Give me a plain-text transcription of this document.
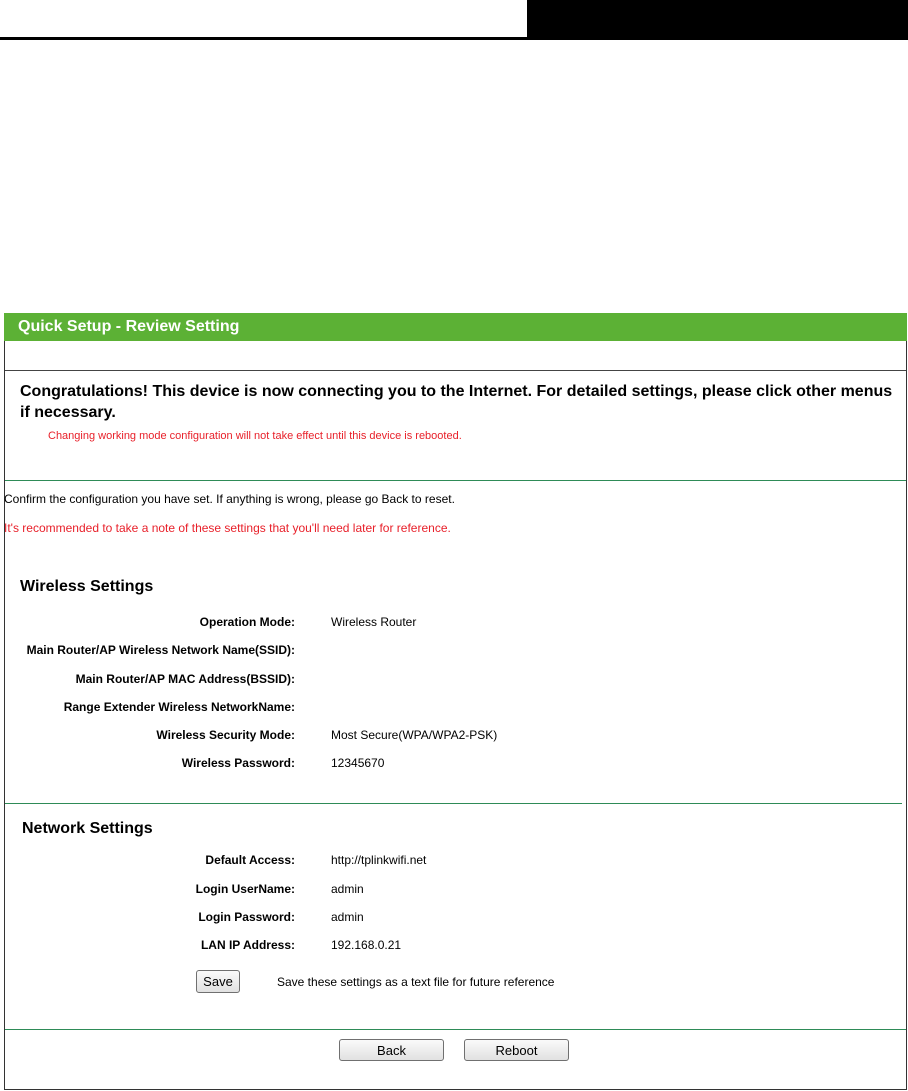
Quick Setup - Review Setting
Congratulations! This device is now connecting you to the Internet. For detailed settings, please click other menus if necessary.
Changing working mode configuration will not take effect until this device is rebooted.
Confirm the configuration you have set. If anything is wrong, please go Back to reset.
It's recommended to take a note of these settings that you'll need later for reference.
Wireless Settings
Operation Mode:	Wireless Router
Main Router/AP Wireless Network Name(SSID):
Main Router/AP MAC Address(BSSID):
Range Extender Wireless NetworkName:
Wireless Security Mode:	Most Secure(WPA/WPA2-PSK)
Wireless Password:	12345670
Network Settings
Default Access:	http://tplinkwifi.net
Login UserName:	admin
Login Password:	admin
LAN IP Address:	192.168.0.21
Save	Save these settings as a text file for future reference
Back	Reboot
